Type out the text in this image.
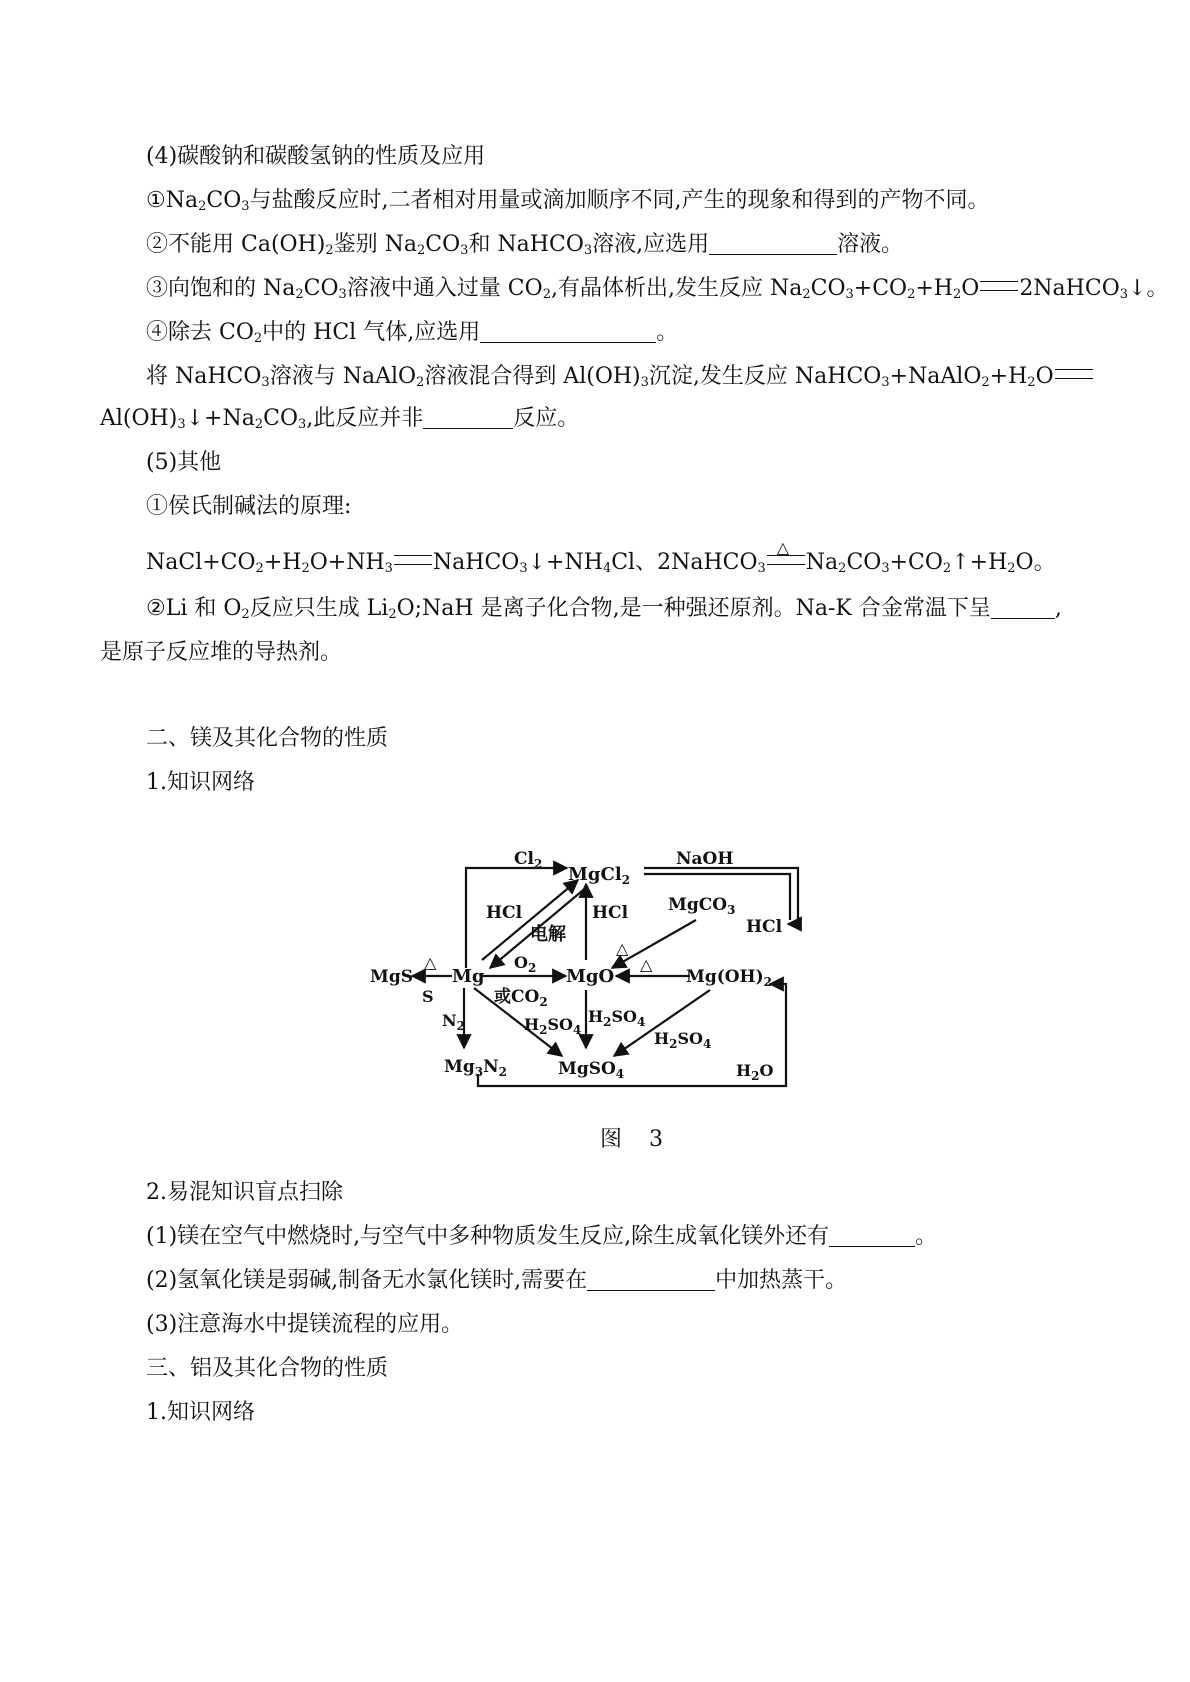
(4)碳酸钠和碳酸氢钠的性质及应用
$①Na_2CO_3$与盐酸反应时,二者相对用量或滴加顺序不同,产生的现象和得到的产物不同。
②不能用 $Ca(OH)_2$鉴别 $Na_2CO_3$和 NaHCO$_3$溶液,应选用	溶液。
③向饱和的 $Na_2CO_3$溶液中通入过量 $CO_2$,有晶体析出,发生反应 $Na_2CO_3+CO_2+H_2O$ 2NaHCO$_3$↓。
④除去 $CO_2$中的 HCl 气体,应选用	。
将 NaHCO$_3$溶液与 NaAlO$_2$溶液混合得到 $Al(OH)_3$沉淀,发生反应 $NaHCO_3+NaAlO_2+H_2O$
$Al(OH)_3↓+Na_2CO_3$,此反应并非	反应。
(5)其他
①侯氏制碱法的原理:
$NaCl+CO_2+H_2O+NH_3$ $NaHCO_3↓+NH_4Cl$、2NaHCO$_3$
△
$Na_2CO_3+CO_2↑+H_2O$。
②Li 和 $O_2$反应只生成 $Li_2O;NaH$ 是离子化合物,是一种强还原剂。Na-K 合金常温下呈	,
是原子反应堆的导热剂。
二、镁及其化合物的性质
1.知识网络
$Cl_2$ MgCl$_2$
NaOH
HCl
电解
HCl MgCO$_3$
HCl
MgS
S
Mg
$O_2$
或$CO_2$
MgO	$Mg(OH)_2$
$N_2$	$H_2SO_4$
$H_2SO_4$
$H_2SO_4$
$Mg_3N_2$	MgSO$_4$	$H_2O$
△
△
△
图 3
2.易混知识盲点扫除
(1)镁在空气中燃烧时,与空气中多种物质发生反应,除生成氧化镁外还有	。
(2)氢氧化镁是弱碱,制备无水氯化镁时,需要在	中加热蒸干。
(3)注意海水中提镁流程的应用。
三、铝及其化合物的性质
1.知识网络
